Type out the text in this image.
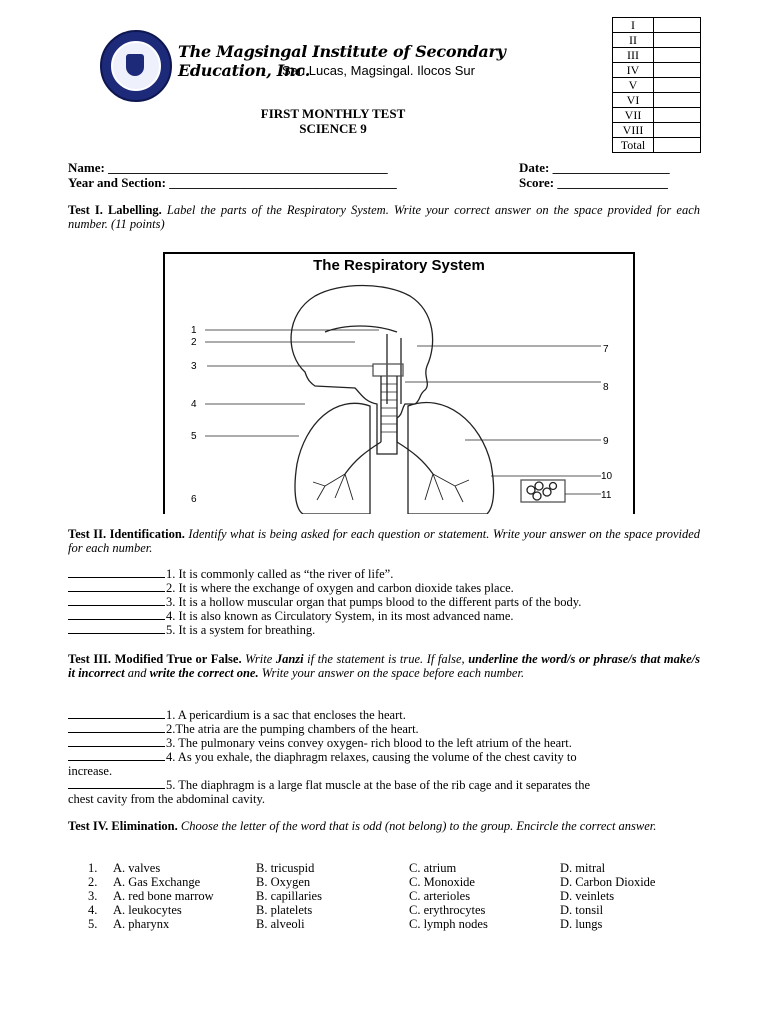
The Magsingal Institute of Secondary Education, Inc.
San Lucas, Magsingal. Ilocos Sur
FIRST MONTHLY TEST
SCIENCE 9
I	
II	
III	
IV	
V	
VI	
VII	
VIII	
Total	
Name: ___________________________________________	Date: __________________
Year and Section: ___________________________________	Score: _________________
Test I. Labelling. Label the parts of the Respiratory System. Write your correct answer on the space provided for each number. (11 points)
The Respiratory System
1
2
3
4
5
6
7
8
9
10
11
Test II. Identification. Identify what is being asked for each question or statement. Write your answer on the space provided for each number.
1. It is commonly called as “the river of life”.
2. It is where the exchange of oxygen and carbon dioxide takes place.
3. It is a hollow muscular organ that pumps blood to the different parts of the body.
4. It is also known as Circulatory System, in its most advanced name.
5. It is a system for breathing.
Test III. Modified True or False. Write Janzi if the statement is true. If false, underline the word/s or phrase/s that make/s it incorrect and write the correct one. Write your answer on the space before each number.
1. A pericardium is a sac that encloses the heart.
2.The atria are the pumping chambers of the heart.
3. The pulmonary veins convey oxygen- rich blood to the left atrium of the heart.
4. As you exhale, the diaphragm relaxes, causing the volume of the chest cavity to
5. The diaphragm is a large flat muscle at the base of the rib cage and it separates the
increase.
chest cavity from the abdominal cavity.
Test IV. Elimination. Choose the letter of the word that is odd (not belong) to the group. Encircle the correct answer.
1. A. valves	B. tricuspid	C. atrium	D. mitral
2. A. Gas Exchange	B. Oxygen	C. Monoxide	D. Carbon Dioxide
3. A. red bone marrow	B. capillaries	C. arterioles	D. veinlets
4. A. leukocytes	B. platelets	C. erythrocytes	D. tonsil
5. A. pharynx	B. alveoli	C. lymph nodes	D. lungs
